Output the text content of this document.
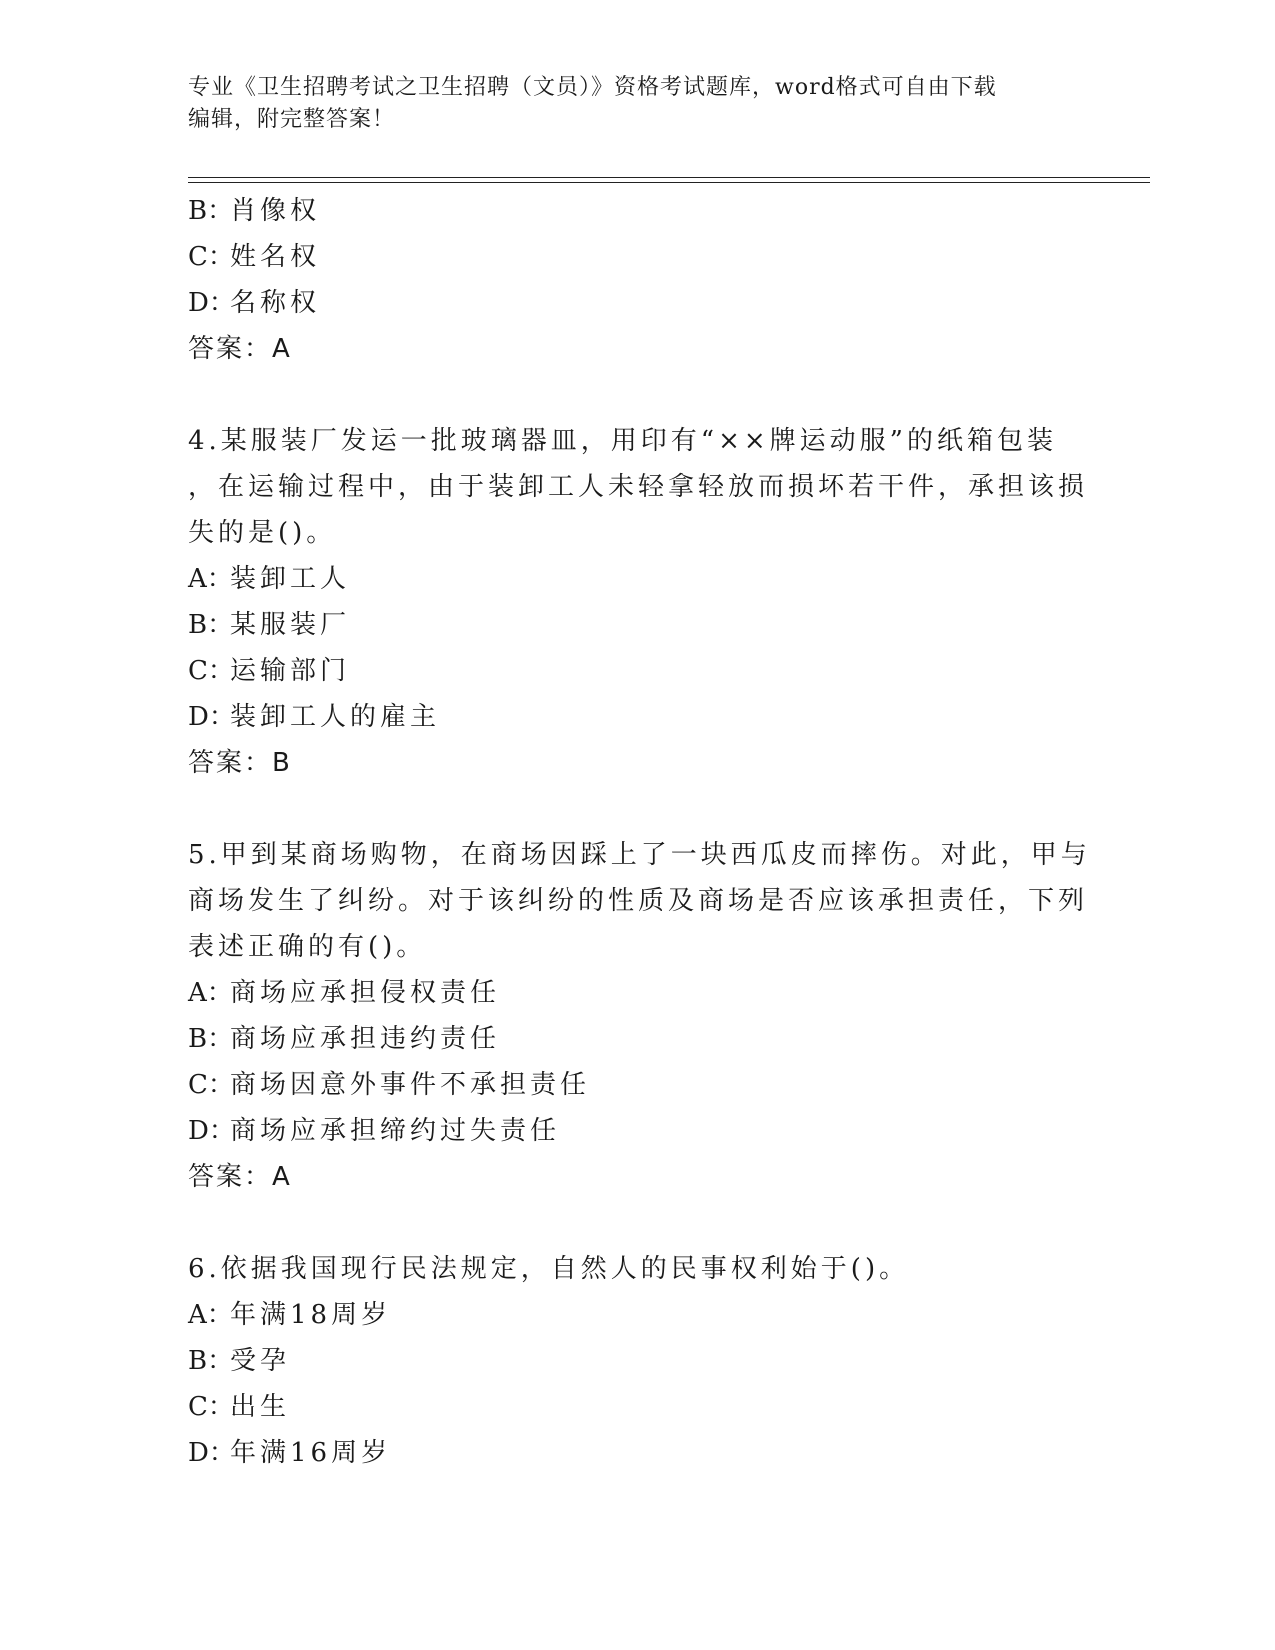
专业《卫生招聘考试之卫生招聘（文员）》资格考试题库，word格式可自由下载
编辑，附完整答案！
B：肖像权
C：姓名权
D：名称权
答案：A
4.某服装厂发运一批玻璃器皿，用印有“××牌运动服”的纸箱包装
，在运输过程中，由于装卸工人未轻拿轻放而损坏若干件，承担该损
失的是()。
A：装卸工人
B：某服装厂
C：运输部门
D：装卸工人的雇主
答案：B
5.甲到某商场购物，在商场因踩上了一块西瓜皮而摔伤。对此，甲与
商场发生了纠纷。对于该纠纷的性质及商场是否应该承担责任，下列
表述正确的有()。
A：商场应承担侵权责任
B：商场应承担违约责任
C：商场因意外事件不承担责任
D：商场应承担缔约过失责任
答案：A
6.依据我国现行民法规定，自然人的民事权利始于()。
A：年满18周岁
B：受孕
C：出生
D：年满16周岁
